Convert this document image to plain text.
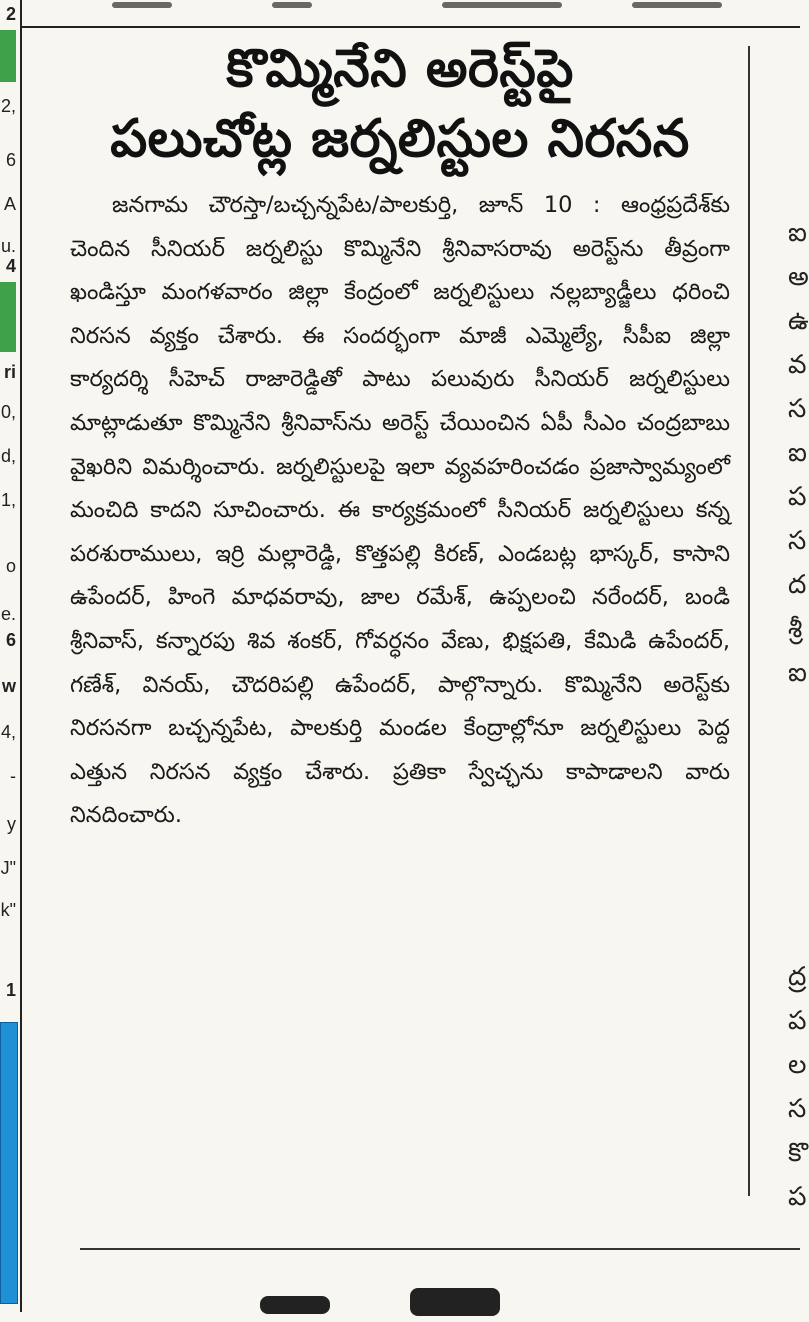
2
2,
6
A
u.
4
ri
0,
d,
1,
o
e.
6
w
4,
-
y
J"
k"
1
కొమ్మినేని అరెస్ట్‌పై
పలుచోట్ల జర్నలిస్టుల నిరసన
జనగామ చౌరస్తా/బచ్చన్నపేట/పాలకుర్తి, జూన్ 10 : ఆంధ్రప్రదేశ్‌కు చెందిన సీనియర్ జర్నలిస్టు కొమ్మినేని శ్రీనివాసరావు అరెస్ట్‌ను తీవ్రంగా ఖండిస్తూ మంగళవారం జిల్లా కేంద్రంలో జర్నలిస్టులు నల్లబ్యాడ్జీలు ధరించి నిరసన వ్యక్తం చేశారు. ఈ సందర్భంగా మాజీ ఎమ్మెల్యే, సీపీఐ జిల్లా కార్యదర్శి సీహెచ్ రాజారెడ్డితో పాటు పలువురు సీనియర్ జర్నలిస్టులు మాట్లాడుతూ కొమ్మినేని శ్రీనివాస్‌ను అరెస్ట్ చేయించిన ఏపీ సీఎం చంద్రబాబు వైఖరిని విమర్శించారు. జర్నలిస్టులపై ఇలా వ్యవహరించడం ప్రజాస్వామ్యంలో మంచిది కాదని సూచించారు. ఈ కార్యక్రమంలో సీనియర్ జర్నలిస్టులు కన్న పరశురాములు, ఇర్రి మల్లారెడ్డి, కొత్తపల్లి కిరణ్, ఎండబట్ల భాస్కర్, కాసాని ఉపేందర్, హింగె మాధవరావు, జాల రమేశ్, ఉప్పలంచి నరేందర్, బండి శ్రీనివాస్, కన్నారపు శివ శంకర్, గోవర్ధనం వేణు, భిక్షపతి, కేమిడి ఉపేందర్, గణేశ్, వినయ్, చౌదరిపల్లి ఉపేందర్, పాల్గొన్నారు. కొమ్మినేని అరెస్ట్‌కు నిరసనగా బచ్చన్నపేట, పాలకుర్తి మండల కేంద్రాల్లోనూ జర్నలిస్టులు పెద్ద ఎత్తున నిరసన వ్యక్తం చేశారు. ప్రతికా స్వేచ్ఛను కాపాడాలని వారు నినదించారు.
ఐ
అ
ఉ
వ
స
ఐ
ప
స
ద
శ్రీ
ఐ
ద్ర
ప
ల
స
కొ
ప
